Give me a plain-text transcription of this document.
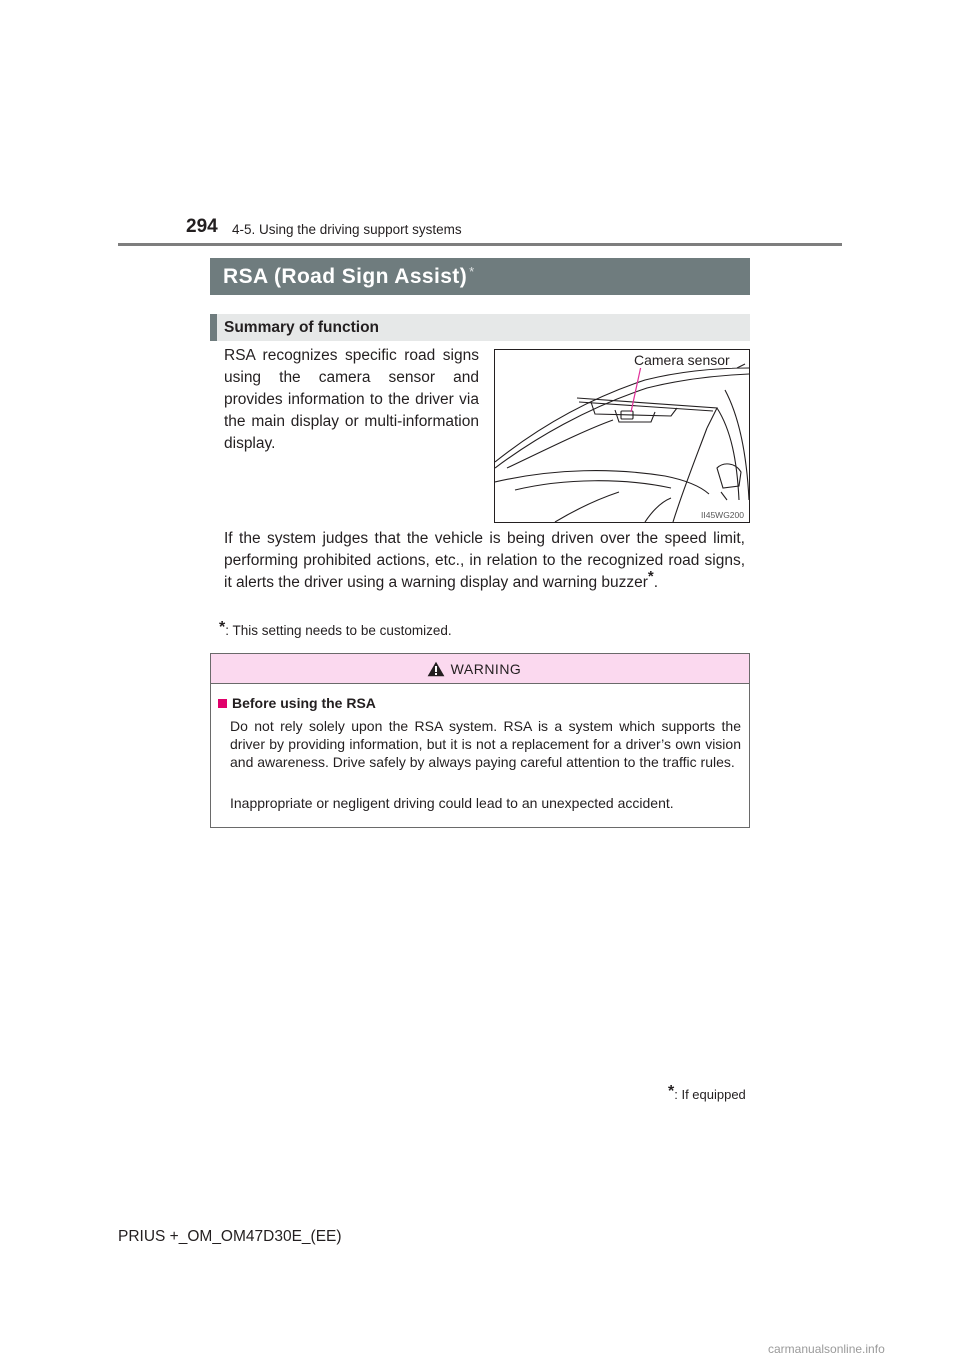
294 4-5. Using the driving support systems
RSA (Road Sign Assist) *
Summary of function

RSA recognizes specific road signs using the camera sensor and provides information to the driver via the main display or multi-information display.

Camera sensor
II45WG200

If the system judges that the vehicle is being driven over the speed limit, performing prohibited actions, etc., in relation to the recognized road signs, it alerts the driver using a warning display and warning buzzer*.

*: This setting needs to be customized.
WARNING
Before using the RSA

Do not rely solely upon the RSA system. RSA is a system which supports the driver by providing information, but it is not a replacement for a driver’s own vision and awareness. Drive safely by always paying careful attention to the traffic rules.

Inappropriate or negligent driving could lead to an unexpected accident.

*: If equipped
PRIUS +_OM_OM47D30E_(EE)
carmanualsonline.info
